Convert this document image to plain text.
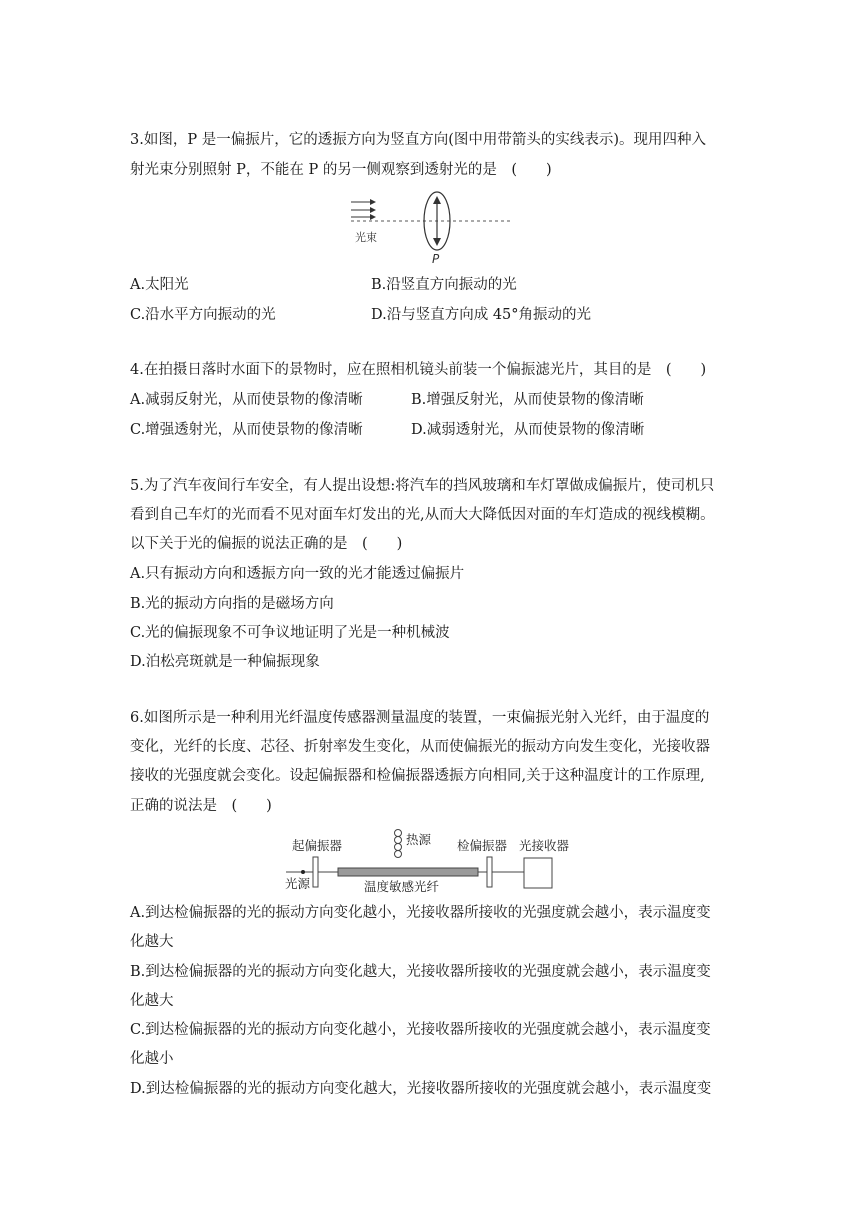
3.如图，P 是一偏振片，它的透振方向为竖直方向(图中用带箭头的实线表示)。现用四种入
射光束分别照射 P，不能在 P 的另一侧观察到透射光的是　(　　)
光束
P
A.太阳光	B.沿竖直方向振动的光
C.沿水平方向振动的光	D.沿与竖直方向成 45°角振动的光
4.在拍摄日落时水面下的景物时，应在照相机镜头前装一个偏振滤光片，其目的是　(　　)
A.减弱反射光，从而使景物的像清晰	B.增强反射光，从而使景物的像清晰
C.增强透射光，从而使景物的像清晰	D.减弱透射光，从而使景物的像清晰
5.为了汽车夜间行车安全，有人提出设想:将汽车的挡风玻璃和车灯罩做成偏振片，使司机只
看到自己车灯的光而看不见对面车灯发出的光,从而大大降低因对面的车灯造成的视线模糊。
以下关于光的偏振的说法正确的是　(　　)
A.只有振动方向和透振方向一致的光才能透过偏振片
B.光的振动方向指的是磁场方向
C.光的偏振现象不可争议地证明了光是一种机械波
D.泊松亮斑就是一种偏振现象
6.如图所示是一种利用光纤温度传感器测量温度的装置，一束偏振光射入光纤，由于温度的
变化，光纤的长度、芯径、折射率发生变化，从而使偏振光的振动方向发生变化，光接收器
接收的光强度就会变化。设起偏振器和检偏振器透振方向相同,关于这种温度计的工作原理,
正确的说法是　(　　)
起偏振器	热源 检偏振器 光接收器
光源	温度敏感光纤
A.到达检偏振器的光的振动方向变化越小，光接收器所接收的光强度就会越小，表示温度变
化越大
B.到达检偏振器的光的振动方向变化越大，光接收器所接收的光强度就会越小，表示温度变
化越大
C.到达检偏振器的光的振动方向变化越小，光接收器所接收的光强度就会越小，表示温度变
化越小
D.到达检偏振器的光的振动方向变化越大，光接收器所接收的光强度就会越小，表示温度变
